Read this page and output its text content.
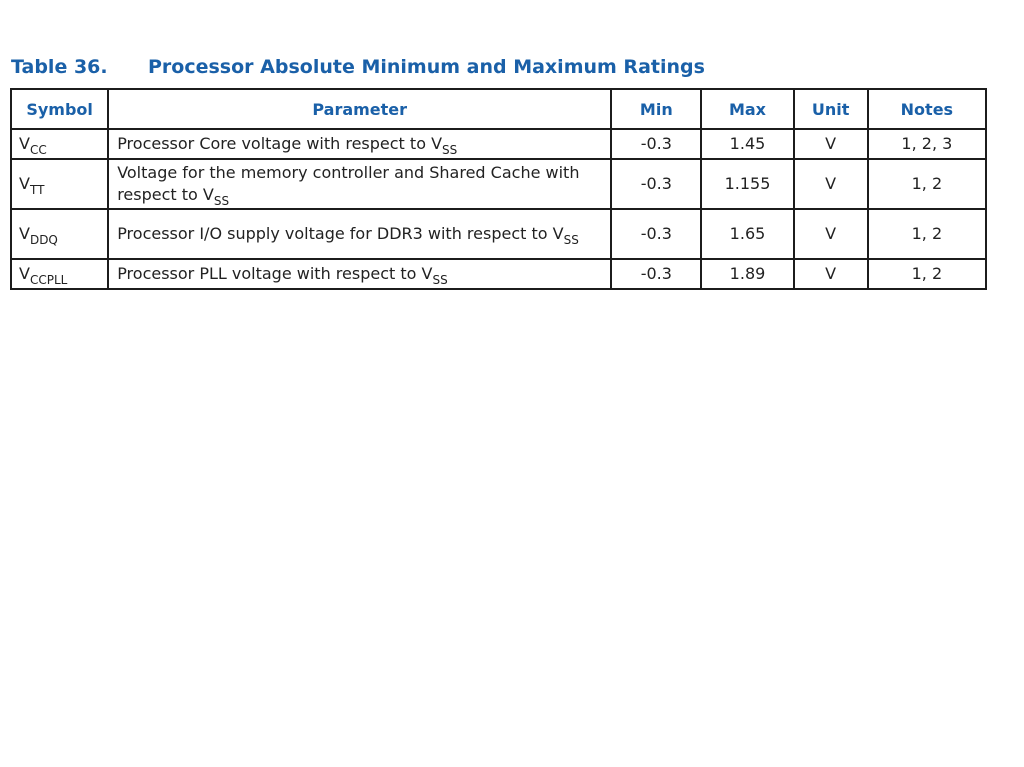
Table 36. Processor Absolute Minimum and Maximum Ratings
Symbol	Parameter	Min	Max	Unit	Notes
$V_{CC}$	Processor Core voltage with respect to $V_{SS}$	-0.3	1.45	V	1, 2, 3
$V_{TT}$	Voltage for the memory controller and Shared Cache with respect to $V_{SS}$	-0.3	1.155	V	1, 2
$V_{DDQ}$	Processor I/O supply voltage for DDR3 with respect to $V_{SS}$	-0.3	1.65	V	1, 2
$V_{CCPLL}$	Processor PLL voltage with respect to $V_{SS}$	-0.3	1.89	V	1, 2
